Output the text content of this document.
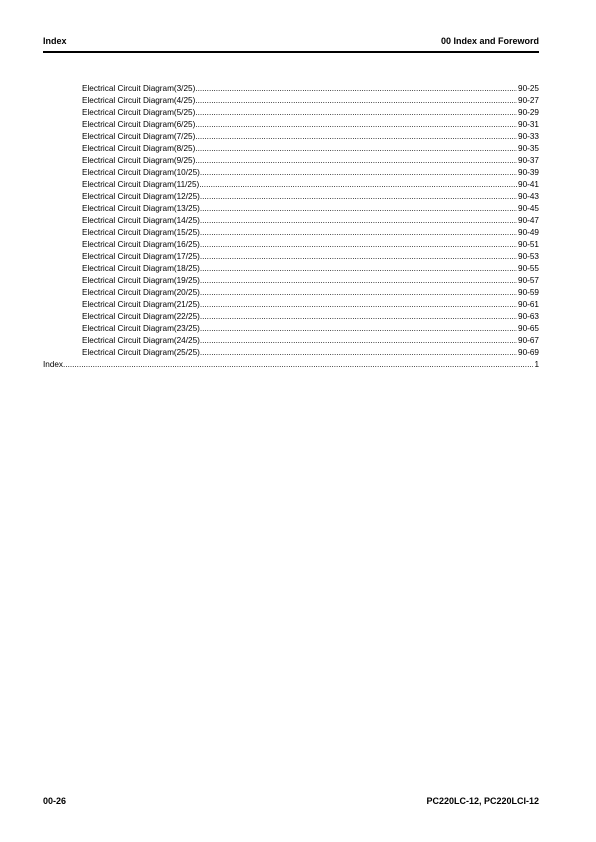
Index	00 Index and Foreword
Electrical Circuit Diagram(3/25) .....	90-25
Electrical Circuit Diagram(4/25) .....	90-27
Electrical Circuit Diagram(5/25) .....	90-29
Electrical Circuit Diagram(6/25) .....	90-31
Electrical Circuit Diagram(7/25) .....	90-33
Electrical Circuit Diagram(8/25) .....	90-35
Electrical Circuit Diagram(9/25) .....	90-37
Electrical Circuit Diagram(10/25) .....	90-39
Electrical Circuit Diagram(11/25) .....	90-41
Electrical Circuit Diagram(12/25) .....	90-43
Electrical Circuit Diagram(13/25) .....	90-45
Electrical Circuit Diagram(14/25) .....	90-47
Electrical Circuit Diagram(15/25) .....	90-49
Electrical Circuit Diagram(16/25) .....	90-51
Electrical Circuit Diagram(17/25) .....	90-53
Electrical Circuit Diagram(18/25) .....	90-55
Electrical Circuit Diagram(19/25) .....	90-57
Electrical Circuit Diagram(20/25) .....	90-59
Electrical Circuit Diagram(21/25) .....	90-61
Electrical Circuit Diagram(22/25) .....	90-63
Electrical Circuit Diagram(23/25) .....	90-65
Electrical Circuit Diagram(24/25) .....	90-67
Electrical Circuit Diagram(25/25) .....	90-69
Index .....	1
00-26	PC220LC-12, PC220LCI-12
